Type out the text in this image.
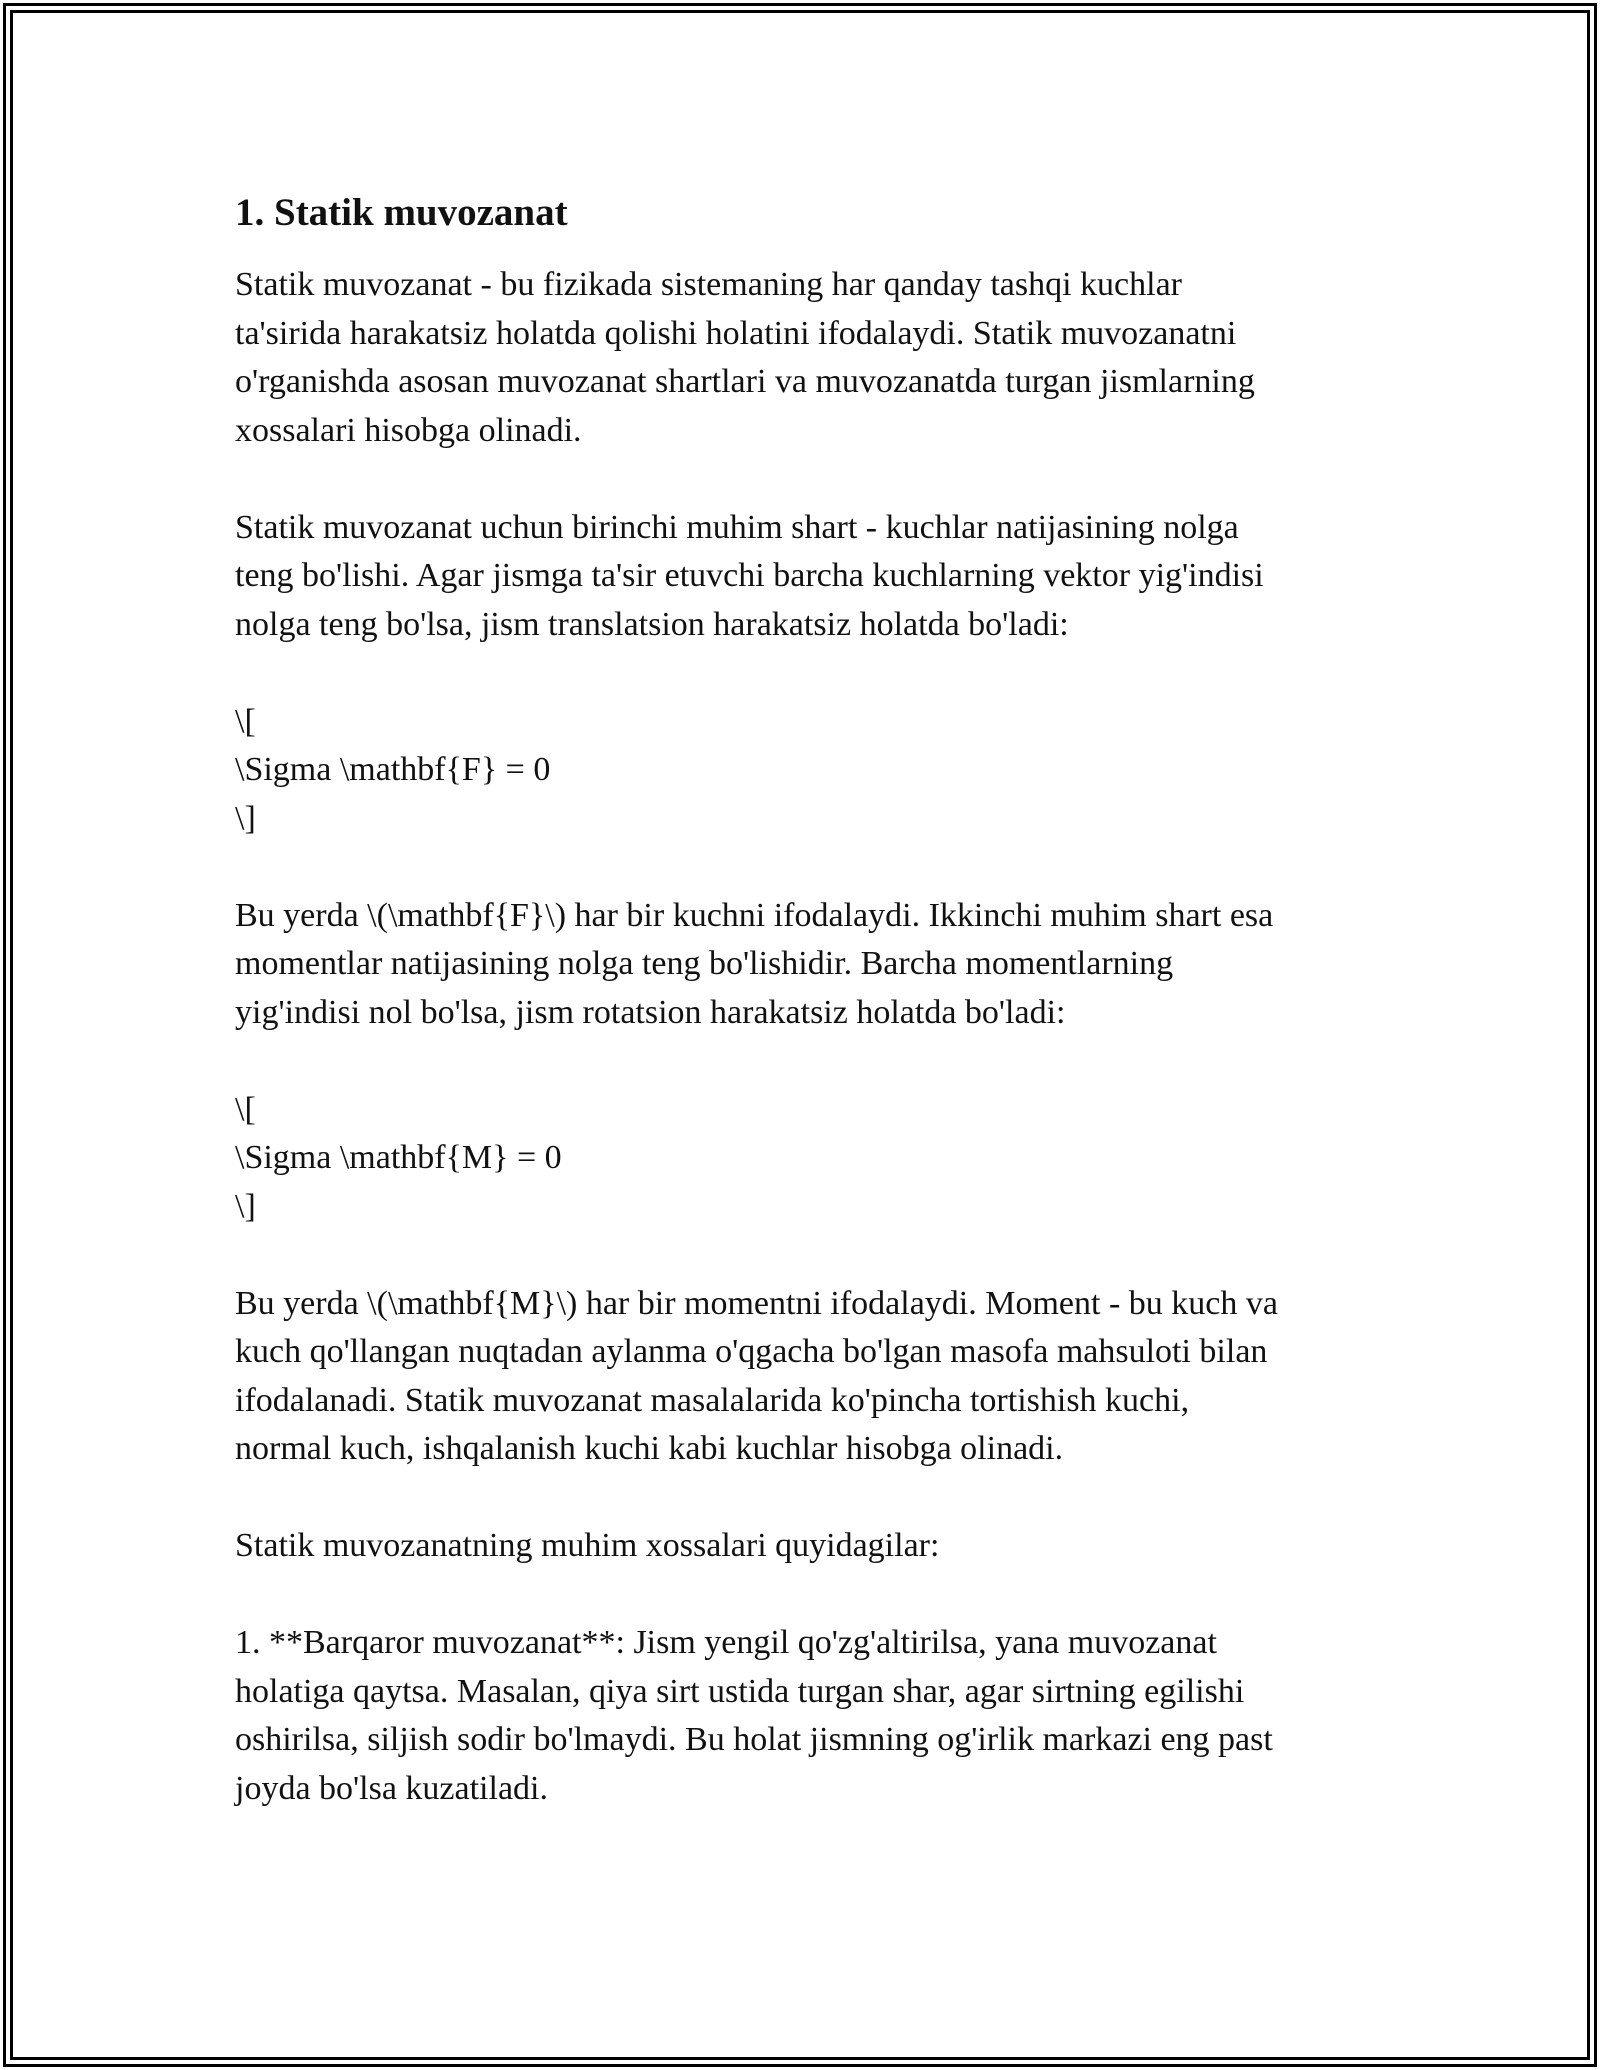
1. Statik muvozanat
Statik muvozanat - bu fizikada sistemaning har qanday tashqi kuchlar
ta'sirida harakatsiz holatda qolishi holatini ifodalaydi. Statik muvozanatni
o'rganishda asosan muvozanat shartlari va muvozanatda turgan jismlarning
xossalari hisobga olinadi.
Statik muvozanat uchun birinchi muhim shart - kuchlar natijasining nolga
teng bo'lishi. Agar jismga ta'sir etuvchi barcha kuchlarning vektor yig'indisi
nolga teng bo'lsa, jism translatsion harakatsiz holatda bo'ladi:
\[
\Sigma \mathbf{F} = 0
\]
Bu yerda \(\mathbf{F}\) har bir kuchni ifodalaydi. Ikkinchi muhim shart esa
momentlar natijasining nolga teng bo'lishidir. Barcha momentlarning
yig'indisi nol bo'lsa, jism rotatsion harakatsiz holatda bo'ladi:
\[
\Sigma \mathbf{M} = 0
\]
Bu yerda \(\mathbf{M}\) har bir momentni ifodalaydi. Moment - bu kuch va
kuch qo'llangan nuqtadan aylanma o'qgacha bo'lgan masofa mahsuloti bilan
ifodalanadi. Statik muvozanat masalalarida ko'pincha tortishish kuchi,
normal kuch, ishqalanish kuchi kabi kuchlar hisobga olinadi.
Statik muvozanatning muhim xossalari quyidagilar:
1. **Barqaror muvozanat**: Jism yengil qo'zg'altirilsa, yana muvozanat
holatiga qaytsa. Masalan, qiya sirt ustida turgan shar, agar sirtning egilishi
oshirilsa, siljish sodir bo'lmaydi. Bu holat jismning og'irlik markazi eng past
joyda bo'lsa kuzatiladi.
